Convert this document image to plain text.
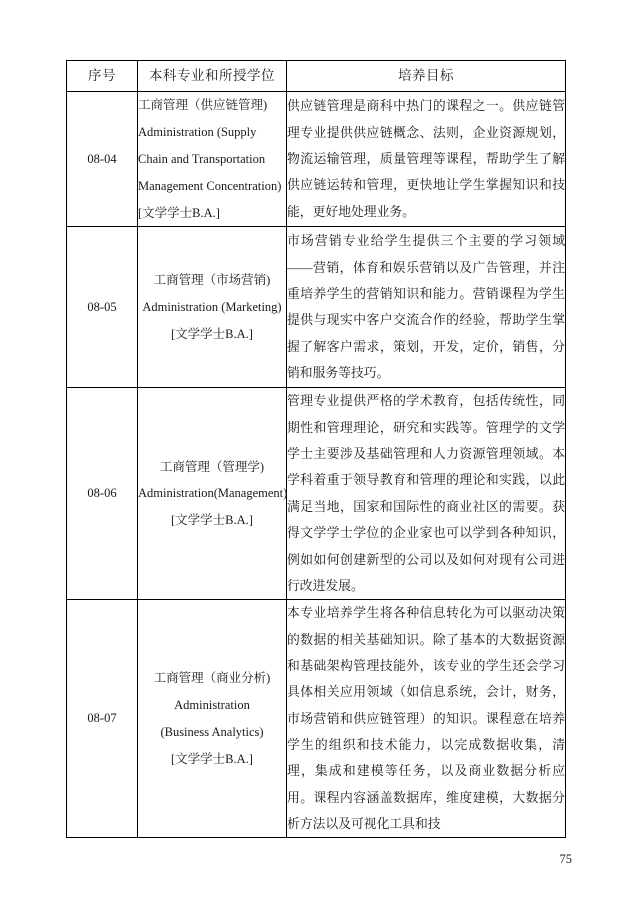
序号	本科专业和所授学位	培养目标

08-04	工商管理（供应链管理)
Administration (Supply
Chain and Transportation
Management Concentration)
[文学学士B.A.]	供应链管理是商科中热门的课程之一。供应链管理专业提供供应链概念、法则，企业资源规划，物流运输管理，质量管理等课程，帮助学生了解供应链运转和管理，更快地让学生掌握知识和技能，更好地处理业务。

08-05	工商管理（市场营销)
Administration (Marketing)
[文学学士B.A.]	市场营销专业给学生提供三个主要的学习领域——营销，体育和娱乐营销以及广告管理，并注重培养学生的营销知识和能力。营销课程为学生提供与现实中客户交流合作的经验，帮助学生掌握了解客户需求，策划，开发，定价，销售，分销和服务等技巧。

08-06	工商管理（管理学)
Administration(Management)
[文学学士B.A.]	管理专业提供严格的学术教育，包括传统性，同期性和管理理论，研究和实践等。管理学的文学学士主要涉及基础管理和人力资源管理领域。本学科着重于领导教育和管理的理论和实践，以此满足当地，国家和国际性的商业社区的需要。获得文学学士学位的企业家也可以学到各种知识，例如如何创建新型的公司以及如何对现有公司进行改进发展。

08-07	工商管理（商业分析)
Administration
(Business Analytics)
[文学学士B.A.]	本专业培养学生将各种信息转化为可以驱动决策的数据的相关基础知识。除了基本的大数据资源和基础架构管理技能外，该专业的学生还会学习具体相关应用领域（如信息系统，会计，财务，市场营销和供应链管理）的知识。课程意在培养学生的组织和技术能力，以完成数据收集，清理，集成和建模等任务，以及商业数据分析应用。课程内容涵盖数据库，维度建模，大数据分析方法以及可视化工具和技
75
